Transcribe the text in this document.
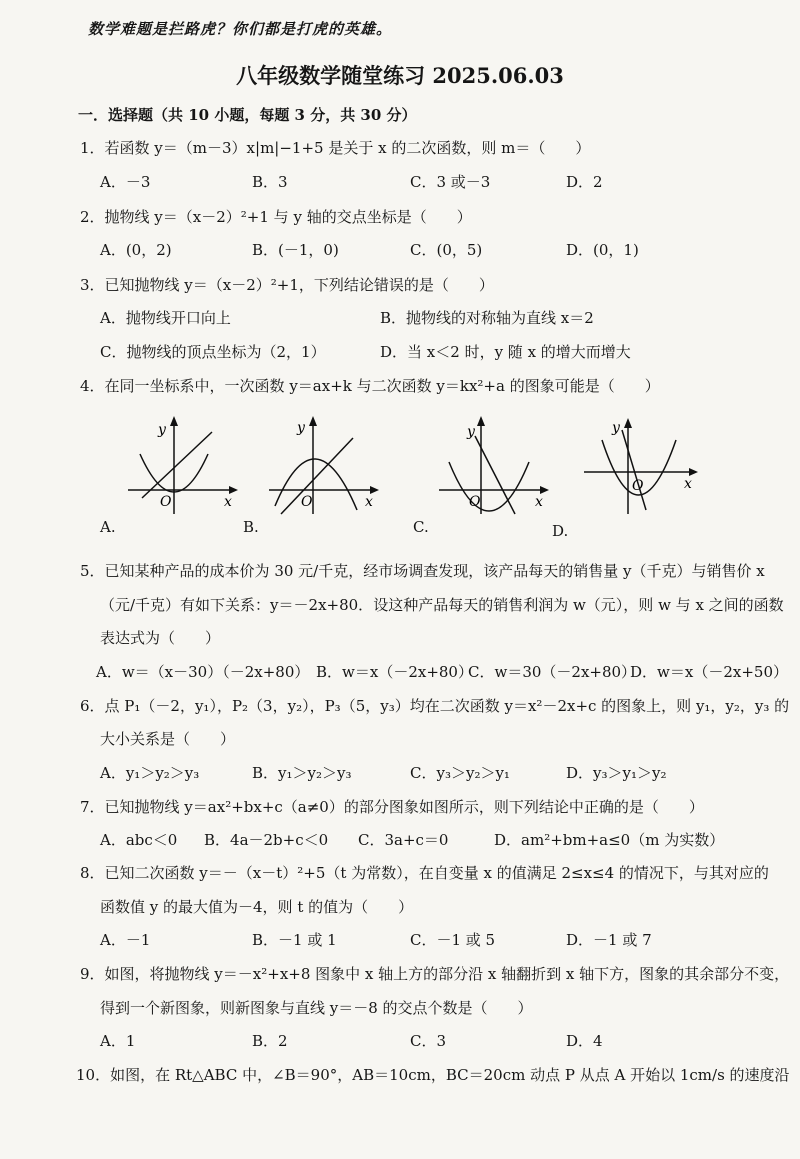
数学难题是拦路虎？你们都是打虎的英雄。
八年级数学随堂练习 2025.06.03
一．选择题（共 10 小题，每题 3 分，共 30 分）
1．若函数 y＝（m－3）x|m|−1+5 是关于 x 的二次函数，则 m＝（　　）
A．－3	B．3	C．3 或－3	D．2
2．抛物线 y＝（x－2）²+1 与 y 轴的交点坐标是（　　）
A．(0，2)	B．(－1，0)	C．(0，5)	D．(0，1)
3．已知抛物线 y＝（x－2）²+1，下列结论错误的是（　　）
A．抛物线开口向上	B．抛物线的对称轴为直线 x＝2
C．抛物线的顶点坐标为（2，1）	D．当 x＜2 时，y 随 x 的增大而增大
4．在同一坐标系中，一次函数 y＝ax+k 与二次函数 y＝kx²+a 的图象可能是（　　）
y
x
O
y
x
O
y
x
O
y
x
O
A.	B.	C.	D.
5．已知某种产品的成本价为 30 元/千克，经市场调查发现，该产品每天的销售量 y（千克）与销售价 x
（元/千克）有如下关系：y＝－2x+80．设这种产品每天的销售利润为 w（元），则 w 与 x 之间的函数
表达式为（　　）
A．w＝（x－30）（－2x+80） B．w＝x（－2x+80）
C．w＝30（－2x+80）
D．w＝x（－2x+50）
6．点 P₁（－2，y₁），P₂（3，y₂），P₃（5，y₃）均在二次函数 y＝x²－2x+c 的图象上，则 y₁，y₂，y₃ 的
大小关系是（　　）
A．y₁＞y₂＞y₃	B．y₁＞y₂＞y₃	C．y₃＞y₂＞y₁	D．y₃＞y₁＞y₂
7．已知抛物线 y＝ax²+bx+c（a≠0）的部分图象如图所示，则下列结论中正确的是（　　）
A．abc＜0 B．4a－2b+c＜0 C．3a+c＝0	D．am²+bm+a≤0（m 为实数）
8．已知二次函数 y＝－（x－t）²+5（t 为常数），在自变量 x 的值满足 2≤x≤4 的情况下，与其对应的
函数值 y 的最大值为－4，则 t 的值为（　　）
A．－1	B．－1 或 1	C．－1 或 5	D．－1 或 7
9．如图，将抛物线 y＝－x²+x+8 图象中 x 轴上方的部分沿 x 轴翻折到 x 轴下方，图象的其余部分不变，
得到一个新图象，则新图象与直线 y＝－8 的交点个数是（　　）
A．1	B．2	C．3	D．4
10．如图，在 Rt△ABC 中，∠B＝90°，AB＝10cm，BC＝20cm 动点 P 从点 A 开始以 1cm/s 的速度沿
